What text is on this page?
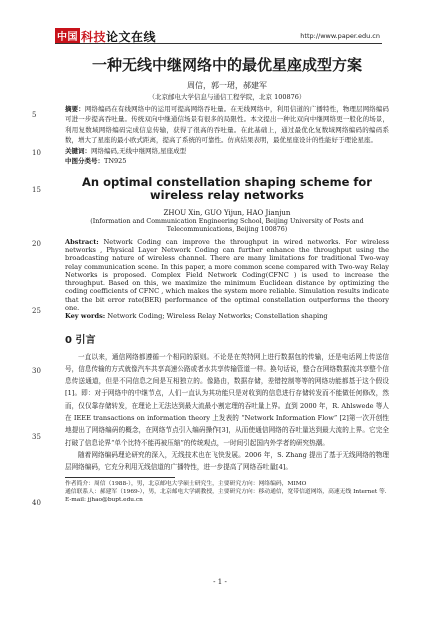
中国 科技论文在线	http://www.paper.edu.cn
5
10
15
20
25
30
35
40
一种无线中继网络中的最优星座成型方案
周信，郭一珺，郝建军
（北京邮电大学信息与通信工程学院，北京 100876）

摘要：网络编码在有线网络中的运用可提高网络吞吐量。在无线网络中，利用信道的广播特性，物理层网络编码可进一步提高吞吐量。传统双向中继通信场景有很多的局限性。本文提出一种比双向中继网络更一般化的场景，利用复数域网络编码完成信息传输，获得了很高的吞吐量。在此基础上，通过最优化复数域网络编码的编码系数，增大了星座的最小欧式距离，提高了系统的可靠性。仿真结果表明，最优星座设计的性能好于理论星座。

关键词：网络编码,无线中继网络,星座成型

中图分类号：TN925

An optimal constellation shaping scheme for wireless relay networks
ZHOU Xin, GUO Yijun, HAO Jianjun
(Information and Communication Engineering School, Beijing University of Posts and Telecommunications, Beijing 100876)

Abstract: Network Coding can improve the throughput in wired networks. For wireless networks , Physical Layer Network Coding can further enhance the throughput using the broadcasting nature of wireless channel. There are many limitations for traditional Two-way relay communication scene. In this paper, a more common scene compared with Two-way Relay Networks is proposed. Complex Field Network Coding(CFNC ) is used to increase the throughput. Based on this, we maximize the minimum Euclidean distance by optimizing the coding coefficients of CFNC , which makes the system more reliable. Simulation results indicate that the bit error rate(BER) performance of the optimal constellation outperforms the theory one.

Key words: Network Coding; Wireless Relay Networks; Constellation shaping

0 引言

一直以来，通信网络都遵循一个相同的原则。不论是在英特网上进行数据包的传输，还是电话网上传送信号，信息传输的方式就像汽车共享高速公路或者水共享传输管道一样。换句话说，整合在网络数据流共享整个信息传送通道，但是不同信息之间是互相独立的。像路由，数据存储，差错控制等等的网络功能都基于这个假设[1]。即：对于网络中的中继节点，人们一直认为其功能只是对收到的信息进行存储转发而不能做任何修改，然而，仅仅靠存储转发，在理论上无法达到最大流最小割定理的吞吐量上界。直到 2000 年，R. Ahlswede 等人在 IEEE transactions on information theory 上发表的 “Network Information Flow” [2]第一次开创性地提出了网络编码的概念，在网络节点引入编码操作[3]，从而使通信网络的吞吐量达到最大流的上界。它完全打破了信息论界“单个比特不能再被压缩”的传统观点，一时间引起国内外学者的研究热潮。

随着网络编码理论研究的深入，无线技术也在飞快发展。2006 年，S. Zhang 提出了基于无线网络的物理层网络编码，它充分利用无线信道的广播特性，进一步提高了网络吞吐量[4]。

作者简介：周信（1988-），男，北京邮电大学硕士研究生，主要研究方向：网络编码，MIMO

通信联系人：郝建军（1969-），男，北京邮电大学副教授，主要研究方向：移动通信，宽带信道网络，高速无线 Internet 等. E-mail: jjhao@bupt.edu.cn

- 1 -
